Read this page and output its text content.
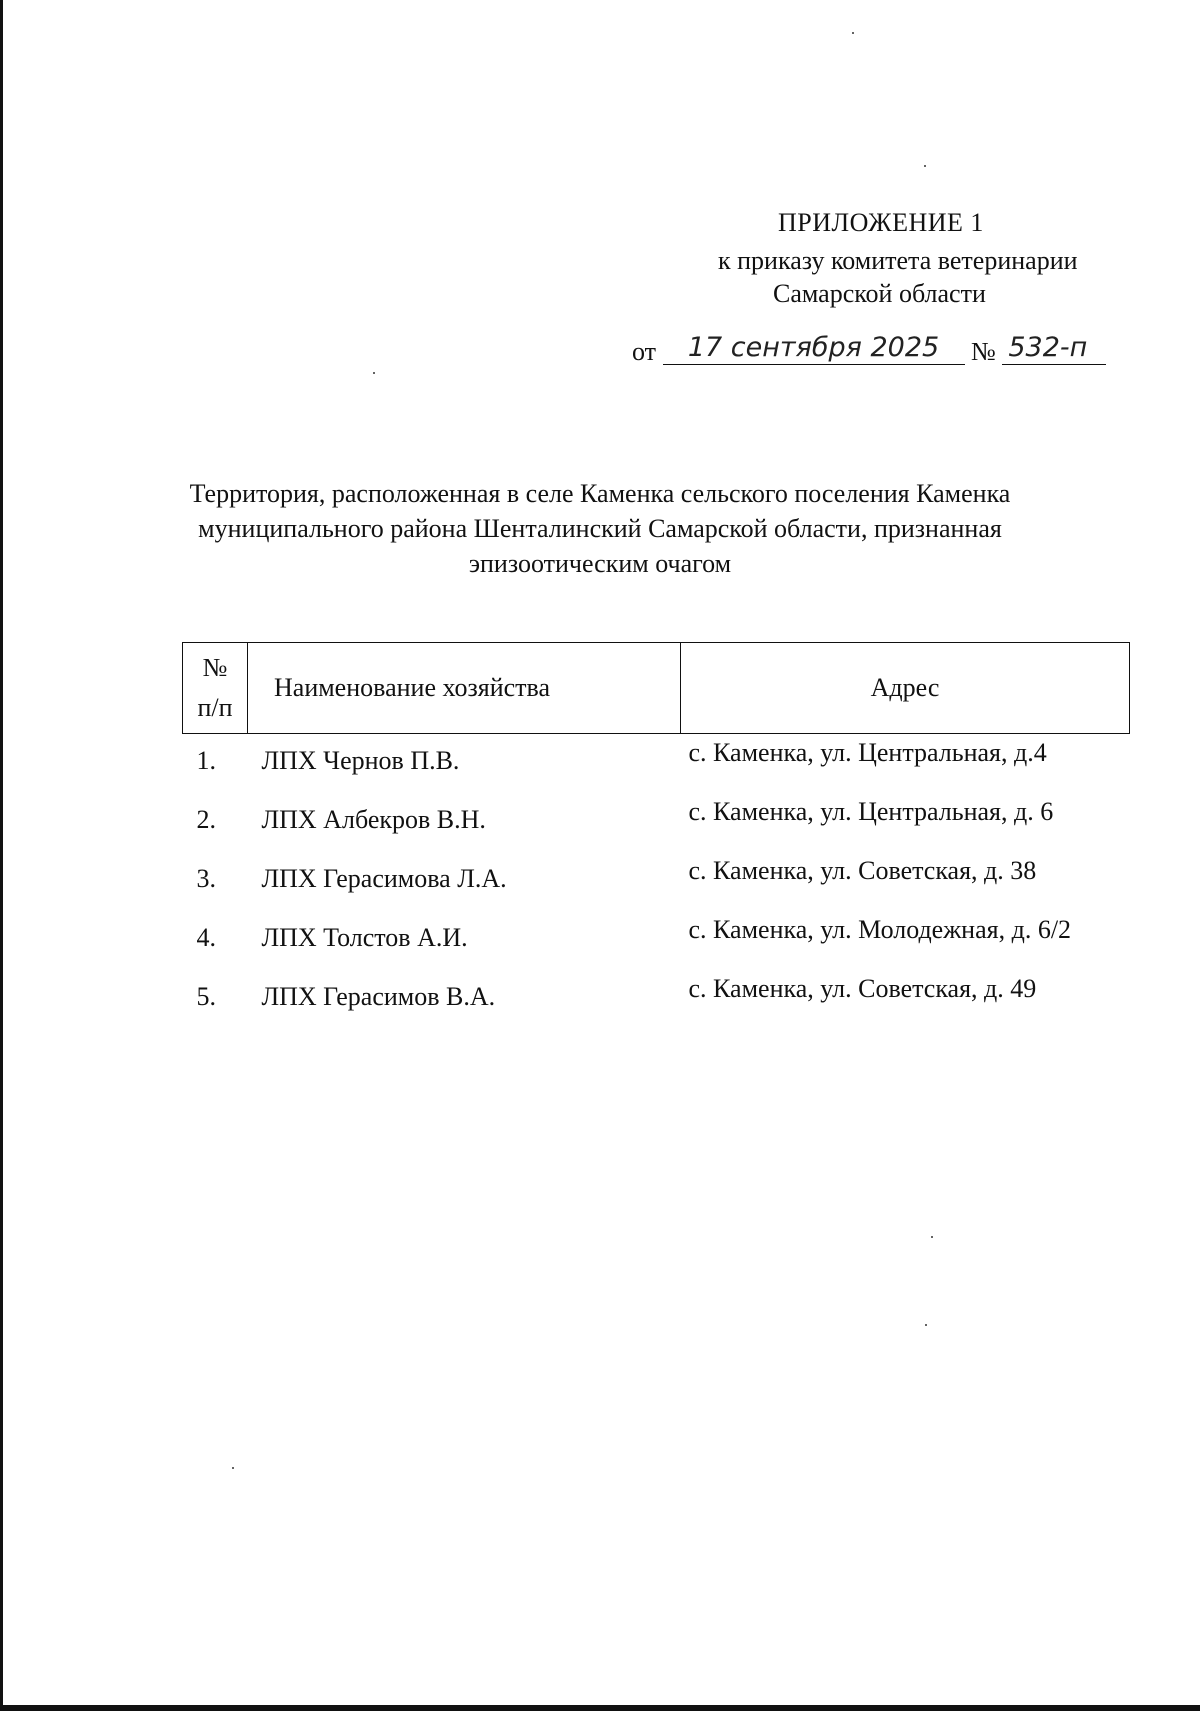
ПРИЛОЖЕНИЕ 1
к приказу комитета ветеринарии
Самарской области
от 17 сентября 2025 № 532-п
Территория, расположенная в селе Каменка сельского поселения Каменка
муниципального района Шенталинский Самарской области, признанная
эпизоотическим очагом
№
п/п	Наименование хозяйства	Адрес
1.	ЛПХ Чернов П.В.	с. Каменка, ул. Центральная, д.4
2.	ЛПХ Албекров В.Н.	с. Каменка, ул. Центральная, д. 6
3.	ЛПХ Герасимова Л.А.	с. Каменка, ул. Советская, д. 38
4.	ЛПХ Толстов А.И.	с. Каменка, ул. Молодежная, д. 6/2
5.	ЛПХ Герасимов В.А.	с. Каменка, ул. Советская, д. 49
